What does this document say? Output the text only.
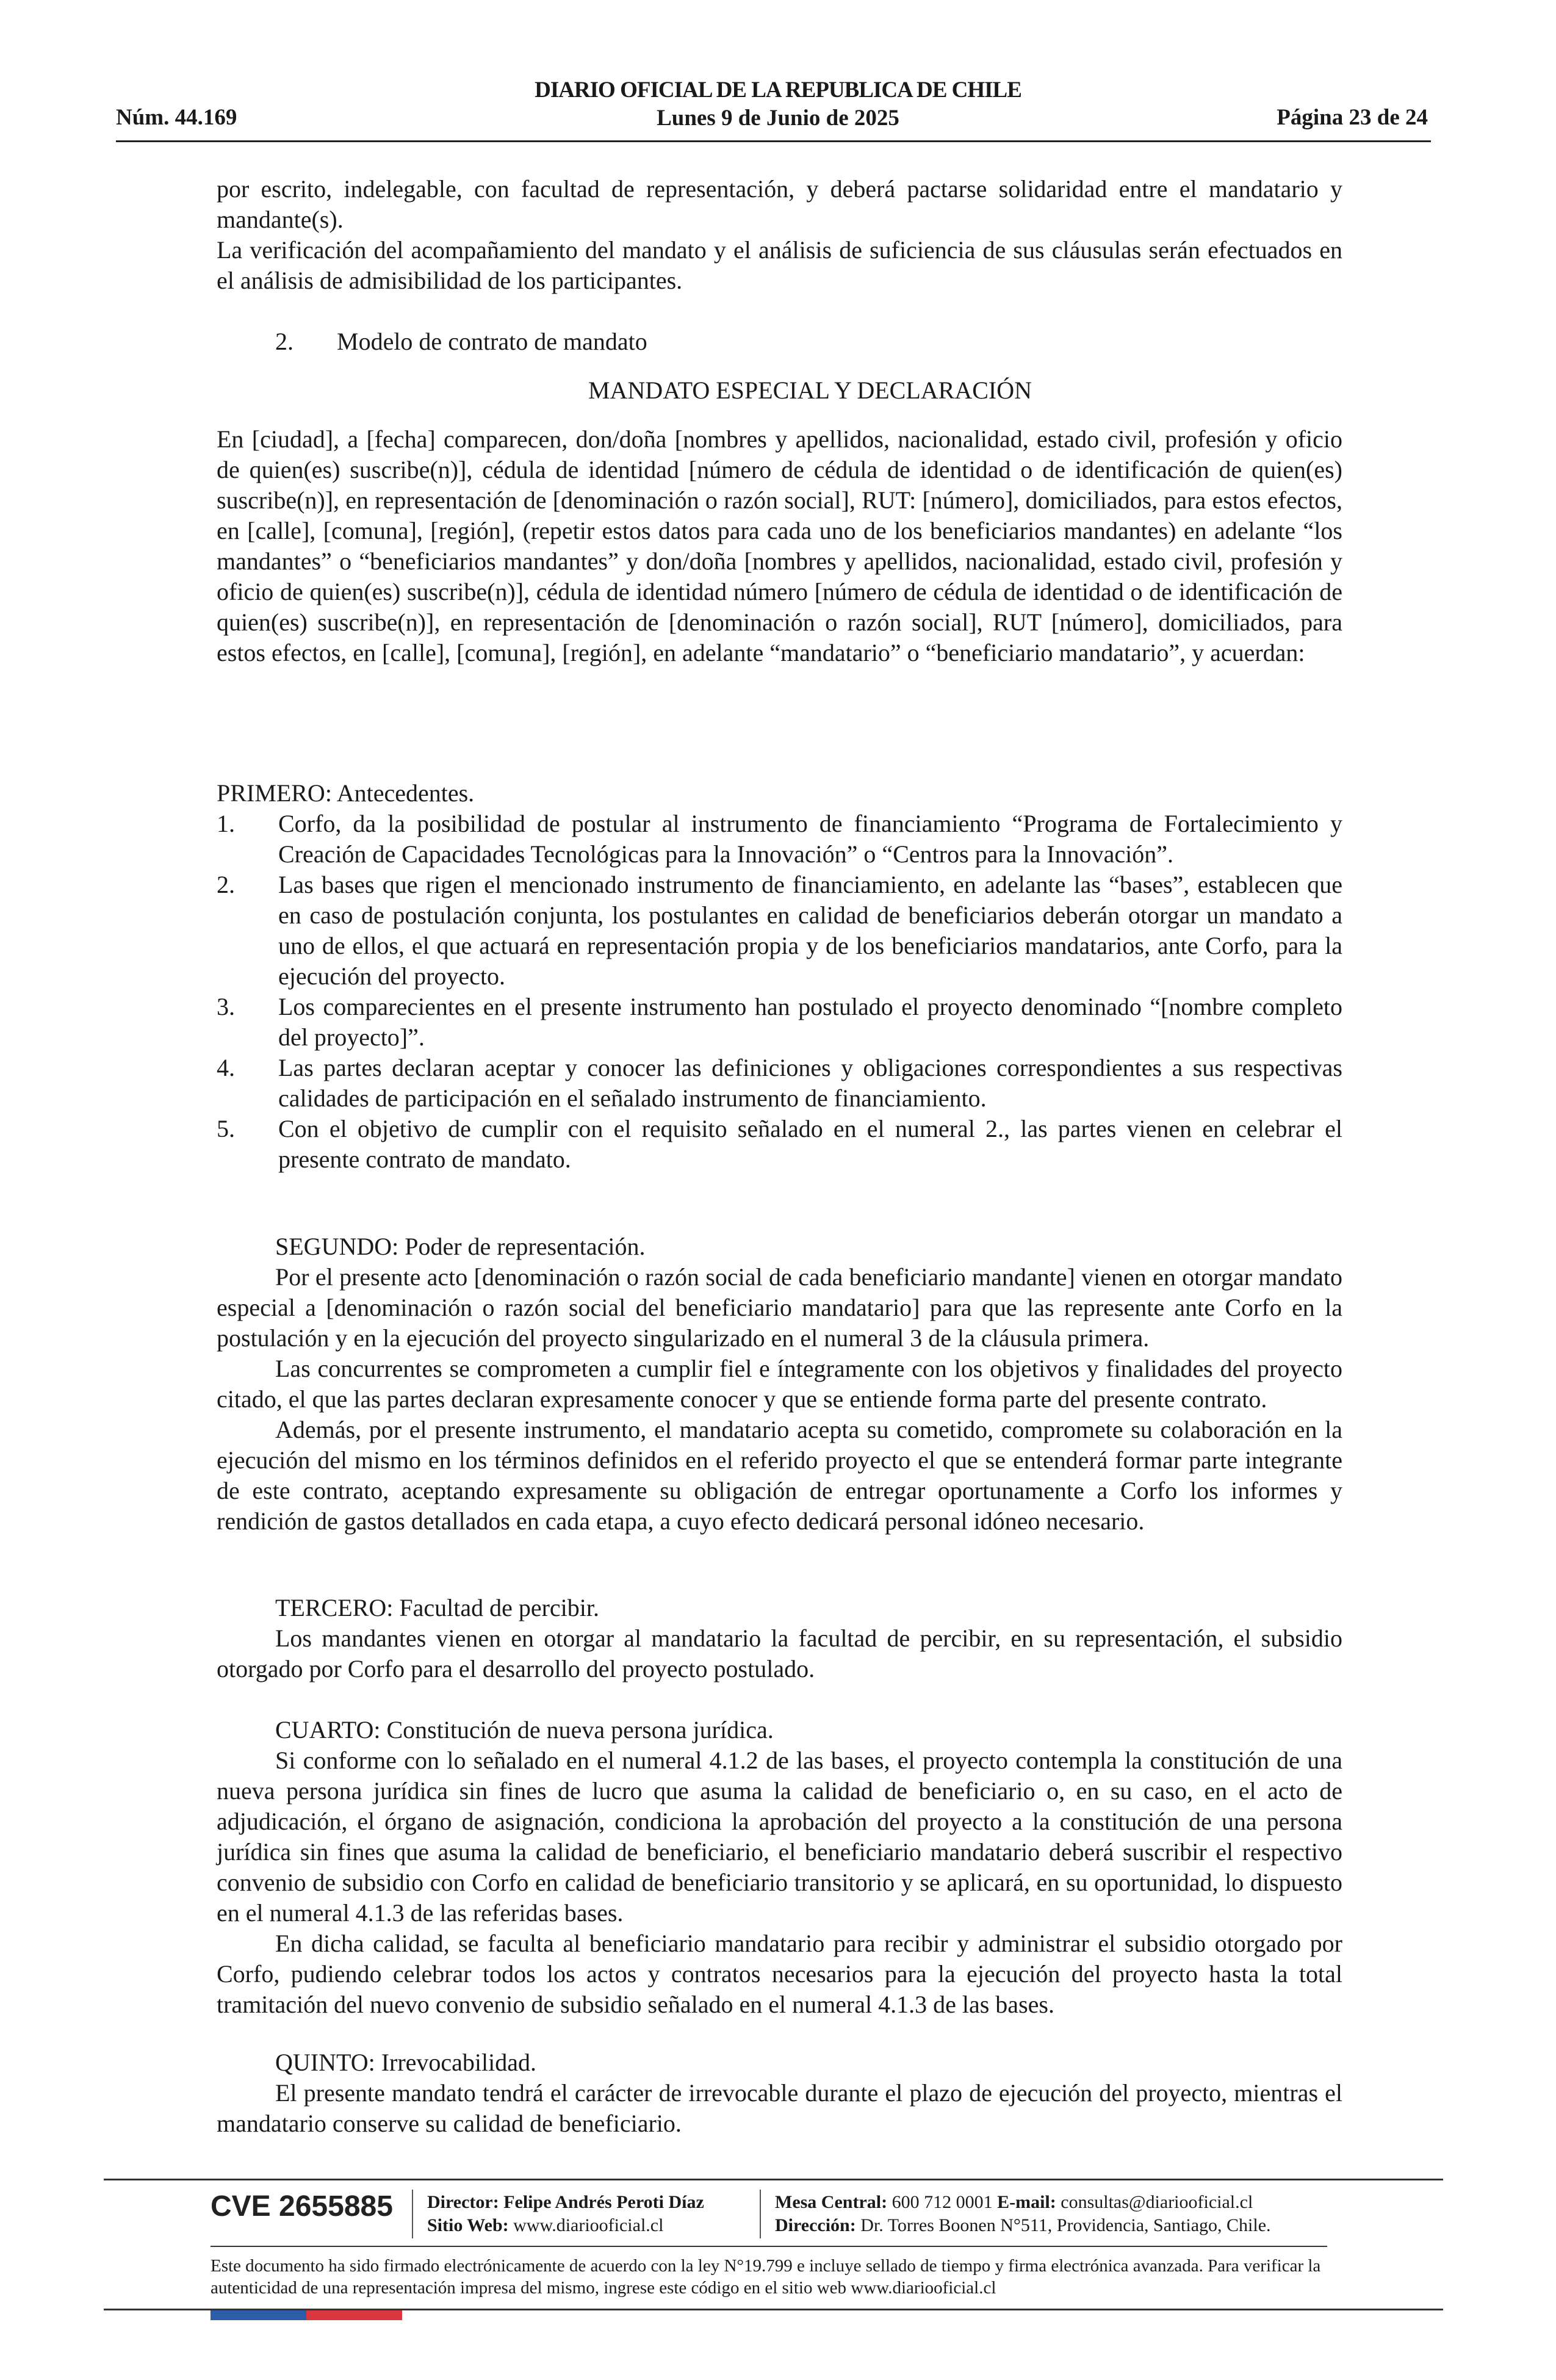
DIARIO OFICIAL DE LA REPUBLICA DE CHILE
Lunes 9 de Junio de 2025
Núm. 44.169	Página 23 de 24

por escrito, indelegable, con facultad de representación, y deberá pactarse solidaridad entre el mandatario y mandante(s).

La verificación del acompañamiento del mandato y el análisis de suficiencia de sus cláusulas serán efectuados en el análisis de admisibilidad de los participantes.

2.	Modelo de contrato de mandato

MANDATO ESPECIAL Y DECLARACIÓN

En [ciudad], a [fecha] comparecen, don/doña [nombres y apellidos, nacionalidad, estado civil, profesión y oficio de quien(es) suscribe(n)], cédula de identidad [número de cédula de identidad o de identificación de quien(es) suscribe(n)], en representación de [denominación o razón social], RUT: [número], domiciliados, para estos efectos, en [calle], [comuna], [región], (repetir estos datos para cada uno de los beneficiarios mandantes) en adelante “los mandantes” o “beneficiarios mandantes” y don/doña [nombres y apellidos, nacionalidad, estado civil, profesión y oficio de quien(es) suscribe(n)], cédula de identidad número [número de cédula de identidad o de identificación de quien(es) suscribe(n)], en representación de [denominación o razón social], RUT [número], domiciliados, para estos efectos, en [calle], [comuna], [región], en adelante “mandatario” o “beneficiario mandatario”, y acuerdan:

PRIMERO: Antecedentes.

1.	Corfo, da la posibilidad de postular al instrumento de financiamiento “Programa de Fortalecimiento y Creación de Capacidades Tecnológicas para la Innovación” o “Centros para la Innovación”.
2.	Las bases que rigen el mencionado instrumento de financiamiento, en adelante las “bases”, establecen que en caso de postulación conjunta, los postulantes en calidad de beneficiarios deberán otorgar un mandato a uno de ellos, el que actuará en representación propia y de los beneficiarios mandatarios, ante Corfo, para la ejecución del proyecto.
3.	Los comparecientes en el presente instrumento han postulado el proyecto denominado “[nombre completo del proyecto]”.
4.	Las partes declaran aceptar y conocer las definiciones y obligaciones correspondientes a sus respectivas calidades de participación en el señalado instrumento de financiamiento.
5.	Con el objetivo de cumplir con el requisito señalado en el numeral 2., las partes vienen en celebrar el presente contrato de mandato.

SEGUNDO: Poder de representación.

Por el presente acto [denominación o razón social de cada beneficiario mandante] vienen en otorgar mandato especial a [denominación o razón social del beneficiario mandatario] para que las represente ante Corfo en la postulación y en la ejecución del proyecto singularizado en el numeral 3 de la cláusula primera.

Las concurrentes se comprometen a cumplir fiel e íntegramente con los objetivos y finalidades del proyecto citado, el que las partes declaran expresamente conocer y que se entiende forma parte del presente contrato.

Además, por el presente instrumento, el mandatario acepta su cometido, compromete su colaboración en la ejecución del mismo en los términos definidos en el referido proyecto el que se entenderá formar parte integrante de este contrato, aceptando expresamente su obligación de entregar oportunamente a Corfo los informes y rendición de gastos detallados en cada etapa, a cuyo efecto dedicará personal idóneo necesario.

TERCERO: Facultad de percibir.

Los mandantes vienen en otorgar al mandatario la facultad de percibir, en su representación, el subsidio otorgado por Corfo para el desarrollo del proyecto postulado.

CUARTO: Constitución de nueva persona jurídica.

Si conforme con lo señalado en el numeral 4.1.2 de las bases, el proyecto contempla la constitución de una nueva persona jurídica sin fines de lucro que asuma la calidad de beneficiario o, en su caso, en el acto de adjudicación, el órgano de asignación, condiciona la aprobación del proyecto a la constitución de una persona jurídica sin fines que asuma la calidad de beneficiario, el beneficiario mandatario deberá suscribir el respectivo convenio de subsidio con Corfo en calidad de beneficiario transitorio y se aplicará, en su oportunidad, lo dispuesto en el numeral 4.1.3 de las referidas bases.

En dicha calidad, se faculta al beneficiario mandatario para recibir y administrar el subsidio otorgado por Corfo, pudiendo celebrar todos los actos y contratos necesarios para la ejecución del proyecto hasta la total tramitación del nuevo convenio de subsidio señalado en el numeral 4.1.3 de las bases.

QUINTO: Irrevocabilidad.

El presente mandato tendrá el carácter de irrevocable durante el plazo de ejecución del proyecto, mientras el mandatario conserve su calidad de beneficiario.

CVE 2655885 Director: Felipe Andrés Peroti Díaz
Sitio Web: www.diariooficial.cl
Mesa Central: 600 712 0001 E-mail: consultas@diariooficial.cl
Dirección: Dr. Torres Boonen N°511, Providencia, Santiago, Chile.
Este documento ha sido firmado electrónicamente de acuerdo con la ley N°19.799 e incluye sellado de tiempo y firma electrónica avanzada. Para verificar la autenticidad de una representación impresa del mismo, ingrese este código en el sitio web www.diariooficial.cl
